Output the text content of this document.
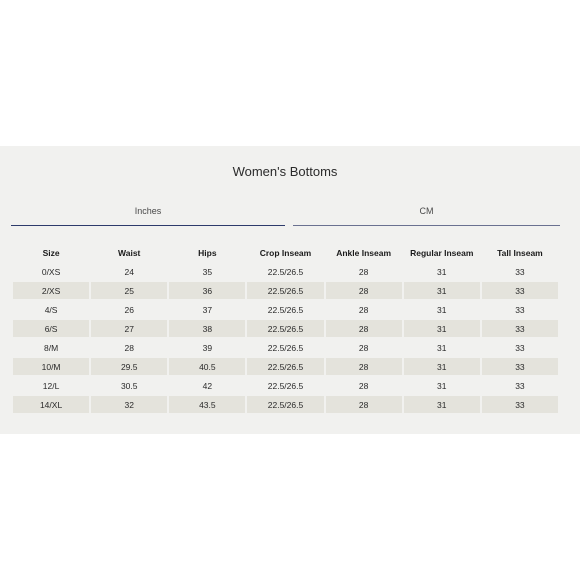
Women's Bottoms
Inches	CM
Size	Waist	Hips	Crop Inseam	Ankle Inseam	Regular Inseam	Tall Inseam
0/XS	24	35	22.5/26.5	28	31	33
2/XS	25	36	22.5/26.5	28	31	33
4/S	26	37	22.5/26.5	28	31	33
6/S	27	38	22.5/26.5	28	31	33
8/M	28	39	22.5/26.5	28	31	33
10/M	29.5	40.5	22.5/26.5	28	31	33
12/L	30.5	42	22.5/26.5	28	31	33
14/XL	32	43.5	22.5/26.5	28	31	33
